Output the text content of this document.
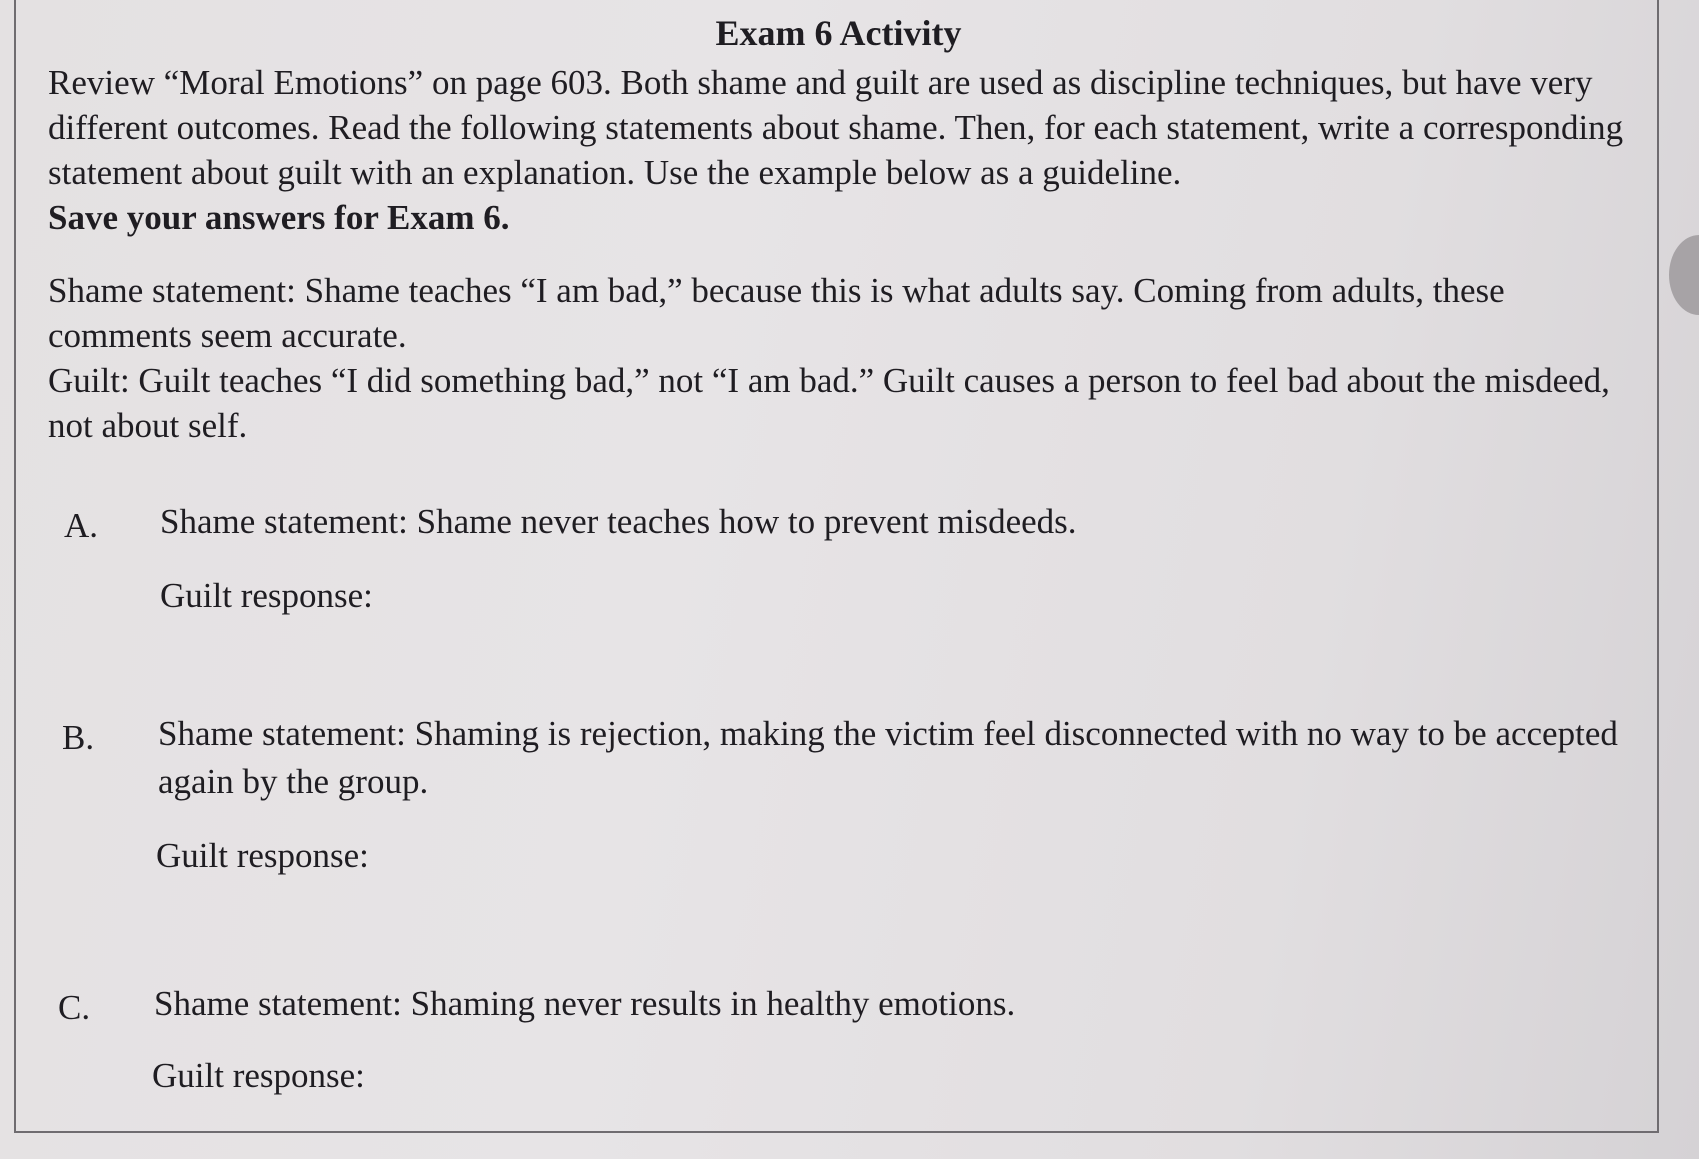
Exam 6 Activity
Review “Moral Emotions” on page 603. Both shame and guilt are used as discipline techniques, but have very different outcomes. Read the following statements about shame. Then, for each statement, write a corresponding statement about guilt with an explanation. Use the example below as a guideline.
Save your answers for Exam 6.
Shame statement: Shame teaches “I am bad,” because this is what adults say. Coming from adults, these comments seem accurate.
Guilt: Guilt teaches “I did something bad,” not “I am bad.” Guilt causes a person to feel bad about the misdeed, not about self.
A. Shame statement: Shame never teaches how to prevent misdeeds.
Guilt response:
B. Shame statement: Shaming is rejection, making the victim feel disconnected with no way to be accepted again by the group.
Guilt response:
C. Shame statement: Shaming never results in healthy emotions.
Guilt response:
